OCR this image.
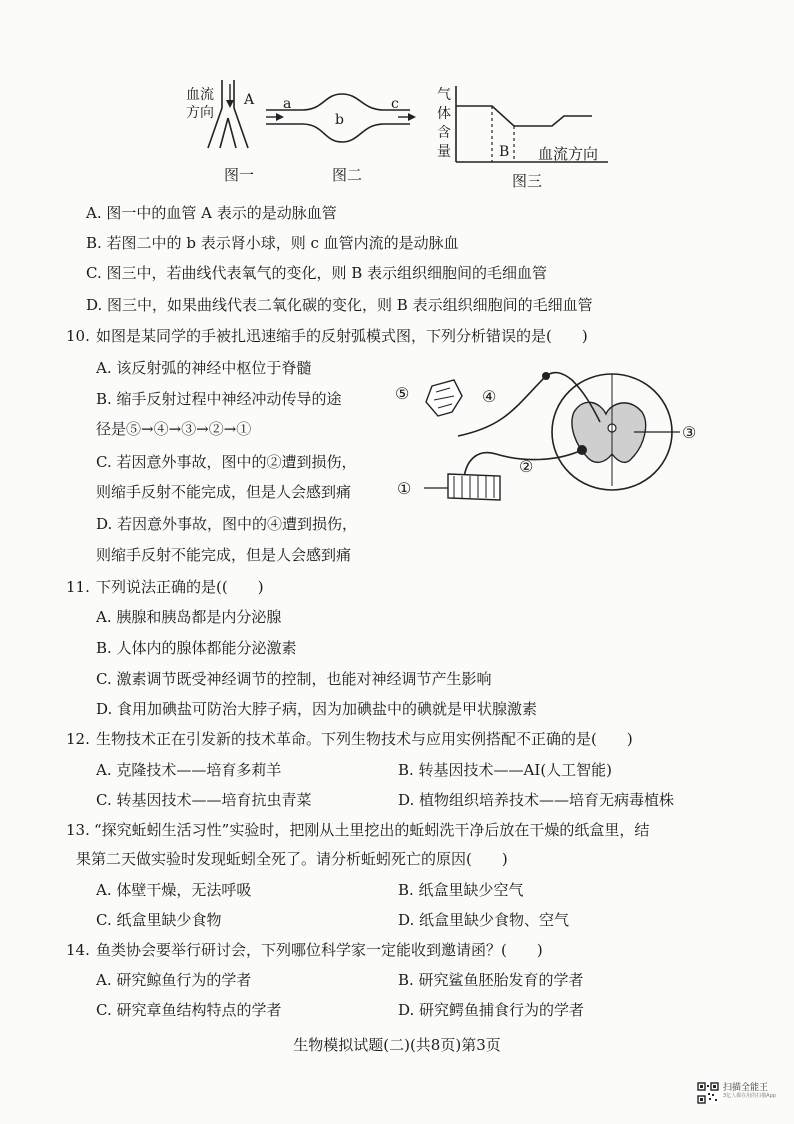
血流方向
A
图一
a
b
c
图二
气体含量	B 血流方向
图三
A. 图一中的血管 A 表示的是动脉血管
B. 若图二中的 b 表示肾小球，则 c 血管内流的是动脉血
C. 图三中，若曲线代表氧气的变化，则 B 表示组织细胞间的毛细血管
D. 图三中，如果曲线代表二氧化碳的变化，则 B 表示组织细胞间的毛细血管
10. 如图是某同学的手被扎迅速缩手的反射弧模式图，下列分析错误的是(　　)
A. 该反射弧的神经中枢位于脊髓
B. 缩手反射过程中神经冲动传导的途
径是⑤→④→③→②→①
C. 若因意外事故，图中的②遭到损伤，
则缩手反射不能完成，但是人会感到痛
D. 若因意外事故，图中的④遭到损伤，
则缩手反射不能完成，但是人会感到痛
①
②
③
④
⑤
11. 下列说法正确的是((　　)
A. 胰腺和胰岛都是内分泌腺
B. 人体内的腺体都能分泌激素
C. 激素调节既受神经调节的控制，也能对神经调节产生影响
D. 食用加碘盐可防治大脖子病，因为加碘盐中的碘就是甲状腺激素
12. 生物技术正在引发新的技术革命。下列生物技术与应用实例搭配不正确的是(　　)
A. 克隆技术——培育多莉羊	B. 转基因技术——AI(人工智能)
C. 转基因技术——培育抗虫青菜	D. 植物组织培养技术——培育无病毒植株
13. “探究蚯蚓生活习性”实验时，把刚从土里挖出的蚯蚓洗干净后放在干燥的纸盒里，结
果第二天做实验时发现蚯蚓全死了。请分析蚯蚓死亡的原因(　　)
A. 体壁干燥，无法呼吸	B. 纸盒里缺少空气
C. 纸盒里缺少食物	D. 纸盒里缺少食物、空气
14. 鱼类协会要举行研讨会，下列哪位科学家一定能收到邀请函？(　　)
A. 研究鲸鱼行为的学者	B. 研究鲨鱼胚胎发育的学者
C. 研究章鱼结构特点的学者	D. 研究鳄鱼捕食行为的学者
生物模拟试题(二)(共8页)第3页
扫描全能王
3亿人都在用的扫描App
